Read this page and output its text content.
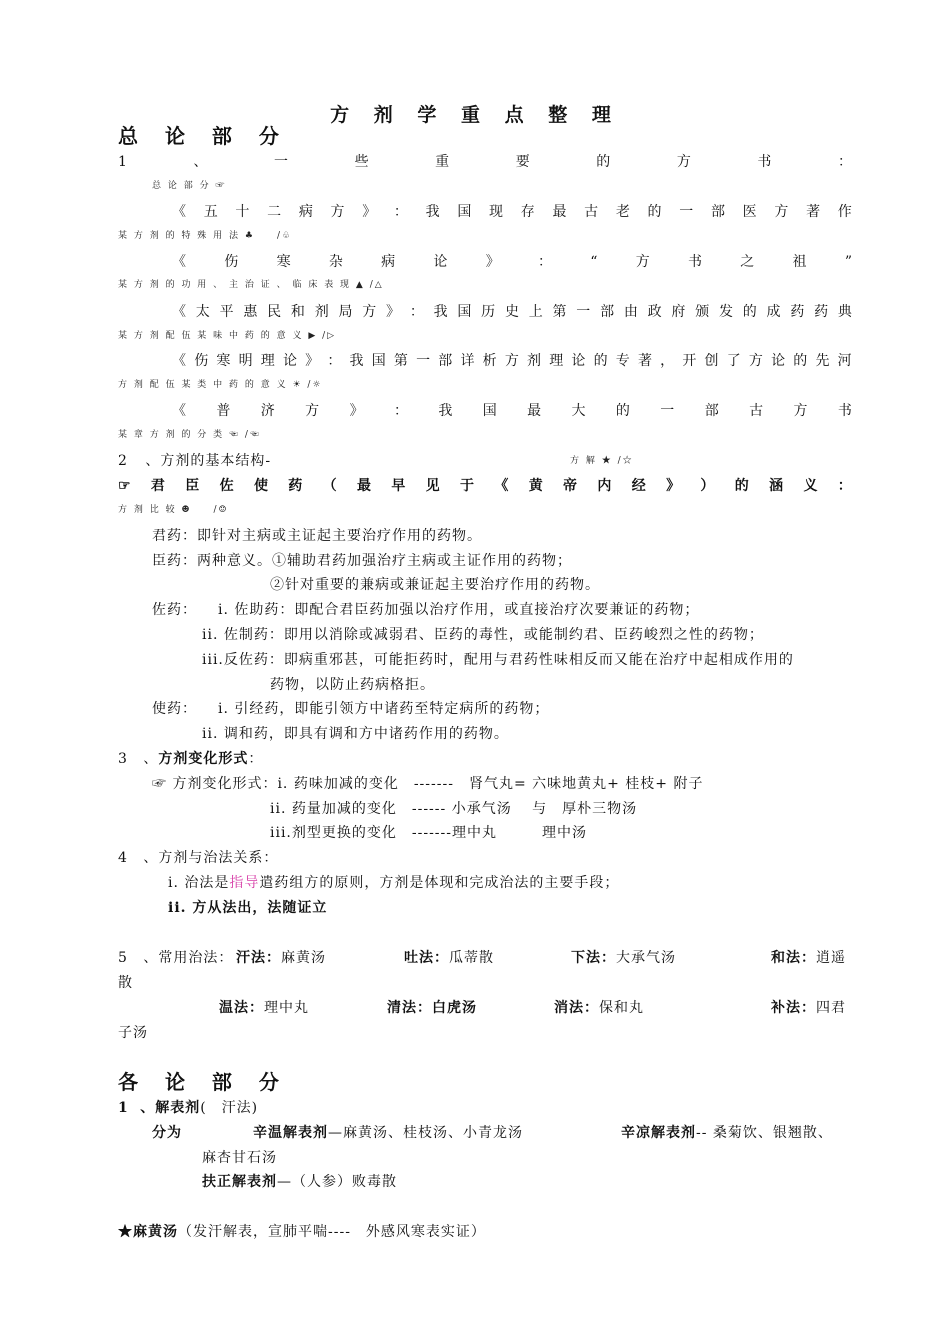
方 剂 学 重 点 整 理
总 论 部 分
1	、	一	些	重	要	的	方	书	：
总 论 部 分 ☞
《 五 十 二 病 方 》 ： 我 国 现 存 最 古 老 的 一 部 医 方 著 作
某 方 剂 的 特 殊 用 法 ♣　　/♧
《	伤	寒	杂	病	论	》	：	“	方	书	之	祖	”
某 方 剂 的 功 用 、 主 治 证 、 临 床 表 现 ▲ /△
《 太 平 惠 民 和 剂 局 方 》 ： 我 国 历 史 上 第 一 部 由 政 府 颁 发 的 成 药 药 典
某 方 剂 配 伍 某 味 中 药 的 意 义 ▶ /▷
《 伤 寒 明 理 论 》 ： 我 国 第 一 部 详 析 方 剂 理 论 的 专 著 ， 开 创 了 方 论 的 先 河
方 剂 配 伍 某 类 中 药 的 意 义 ☀ /☼
《 普 济 方 》 ： 我 国 最 大 的 一 部 古 方 书
某 章 方 剂 的 分 类 ☜ /☜
2 、方剂的基本结构-	方 解 ★ /☆
☞ 君 臣 佐 使 药 （ 最 早 见 于 《 黄 帝 内 经 》 ） 的 涵 义 ：
方 剂 比 较 ☻　　/☺
君药：即针对主病或主证起主要治疗作用的药物。
臣药：两种意义。①辅助君药加强治疗主病或主证作用的药物；
②针对重要的兼病或兼证起主要治疗作用的药物。
佐药：	i. 佐助药：即配合君臣药加强以治疗作用，或直接治疗次要兼证的药物；
ii. 佐制药：即用以消除或减弱君、臣药的毒性，或能制约君、臣药峻烈之性的药物；
iii.反佐药：即病重邪甚，可能拒药时，配用与君药性味相反而又能在治疗中起相成作用的
药物，以防止药病格拒。
使药：	i. 引经药，即能引领方中诸药至特定病所的药物；
ii. 调和药，即具有调和方中诸药作用的药物。
3 、方剂变化形式：
☞ 方剂变化形式：i. 药味加减的变化　-------　肾气丸= 六味地黄丸+ 桂枝+ 附子
ii. 药量加减的变化　------ 小承气汤　 与　厚朴三物汤
iii.剂型更换的变化　-------理中丸　　　理中汤
4 、方剂与治法关系：
i. 治法是指导遣药组方的原则，方剂是体现和完成治法的主要手段；
ii. 方从法出，法随证立
5 、常用治法： 汗法：麻黄汤	吐法：瓜蒂散	下法：大承气汤	和法：逍遥
散
温法：理中丸	清法：白虎汤	消法：保和丸	补法：四君
子汤
各 论 部 分
1 、解表剂(　汗法)
分为	辛温解表剂—麻黄汤、桂枝汤、小青龙汤	辛凉解表剂-- 桑菊饮、银翘散、
麻杏甘石汤
扶正解表剂—（人参）败毒散
★麻黄汤（发汗解表，宣肺平喘----　外感风寒表实证）
